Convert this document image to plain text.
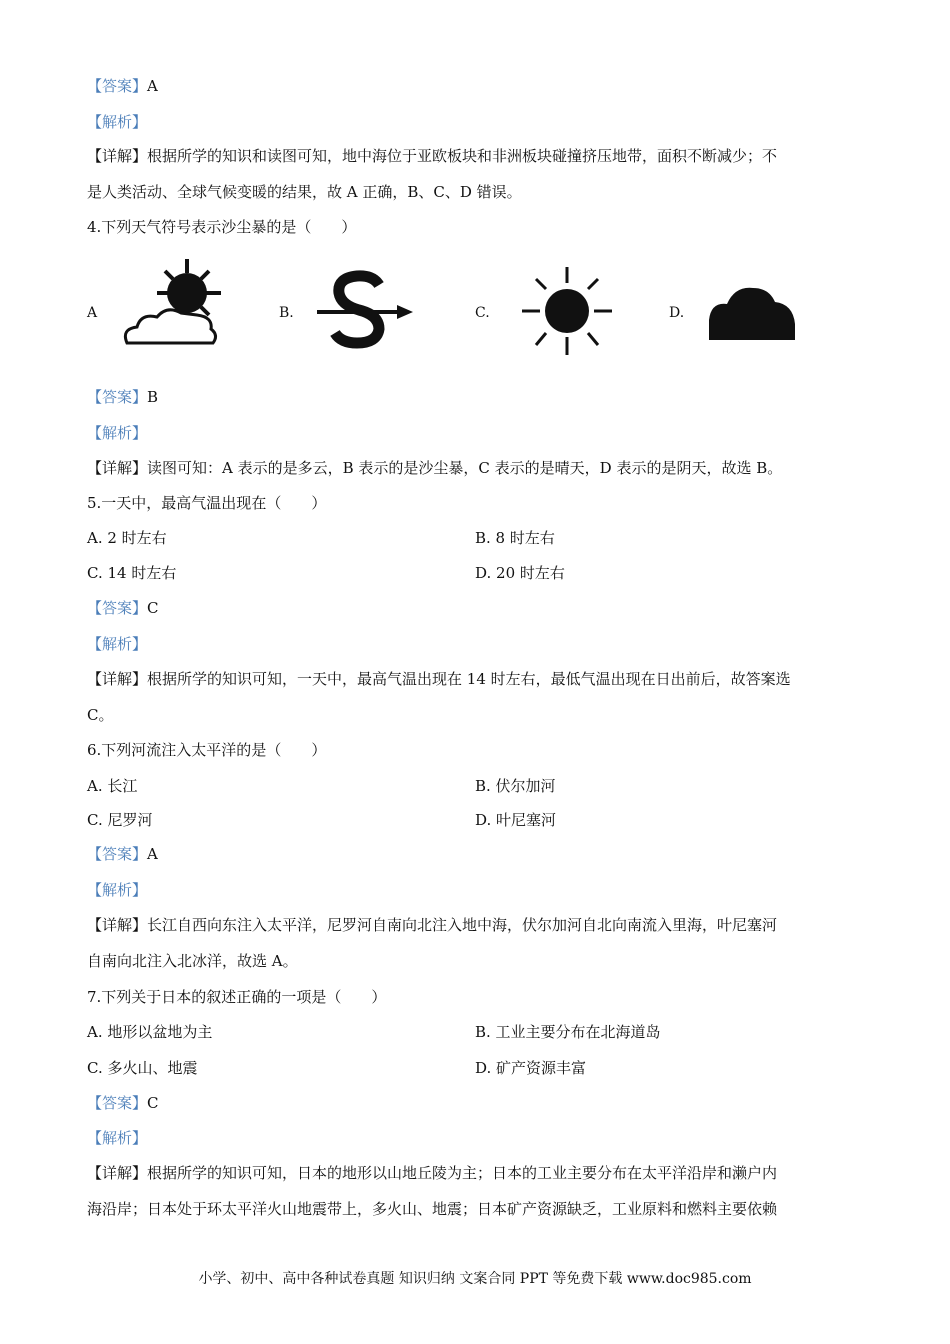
【答案】A
【解析】
【详解】根据所学的知识和读图可知，地中海位于亚欧板块和非洲板块碰撞挤压地带，面积不断减少；不
是人类活动、全球气候变暖的结果，故 A 正确，B、C、D 错误。
4.下列天气符号表示沙尘暴的是（　　）
A	B.	C.	D.
【答案】B
【解析】
【详解】读图可知：A 表示的是多云，B 表示的是沙尘暴，C 表示的是晴天，D 表示的是阴天，故选 B。
5.一天中，最高气温出现在（　　）
A. 2 时左右	B. 8 时左右
C. 14 时左右	D. 20 时左右
【答案】C
【解析】
【详解】根据所学的知识可知，一天中，最高气温出现在 14 时左右，最低气温出现在日出前后，故答案选
C。
6.下列河流注入太平洋的是（　　）
A. 长江	B. 伏尔加河
C. 尼罗河	D. 叶尼塞河
【答案】A
【解析】
【详解】长江自西向东注入太平洋，尼罗河自南向北注入地中海，伏尔加河自北向南流入里海，叶尼塞河
自南向北注入北冰洋，故选 A。
7.下列关于日本的叙述正确的一项是（　　）
A. 地形以盆地为主	B. 工业主要分布在北海道岛
C. 多火山、地震	D. 矿产资源丰富
【答案】C
【解析】
【详解】根据所学的知识可知，日本的地形以山地丘陵为主；日本的工业主要分布在太平洋沿岸和濑户内
海沿岸；日本处于环太平洋火山地震带上，多火山、地震；日本矿产资源缺乏，工业原料和燃料主要依赖
小学、初中、高中各种试卷真题 知识归纳 文案合同 PPT 等免费下载 www.doc985.com
